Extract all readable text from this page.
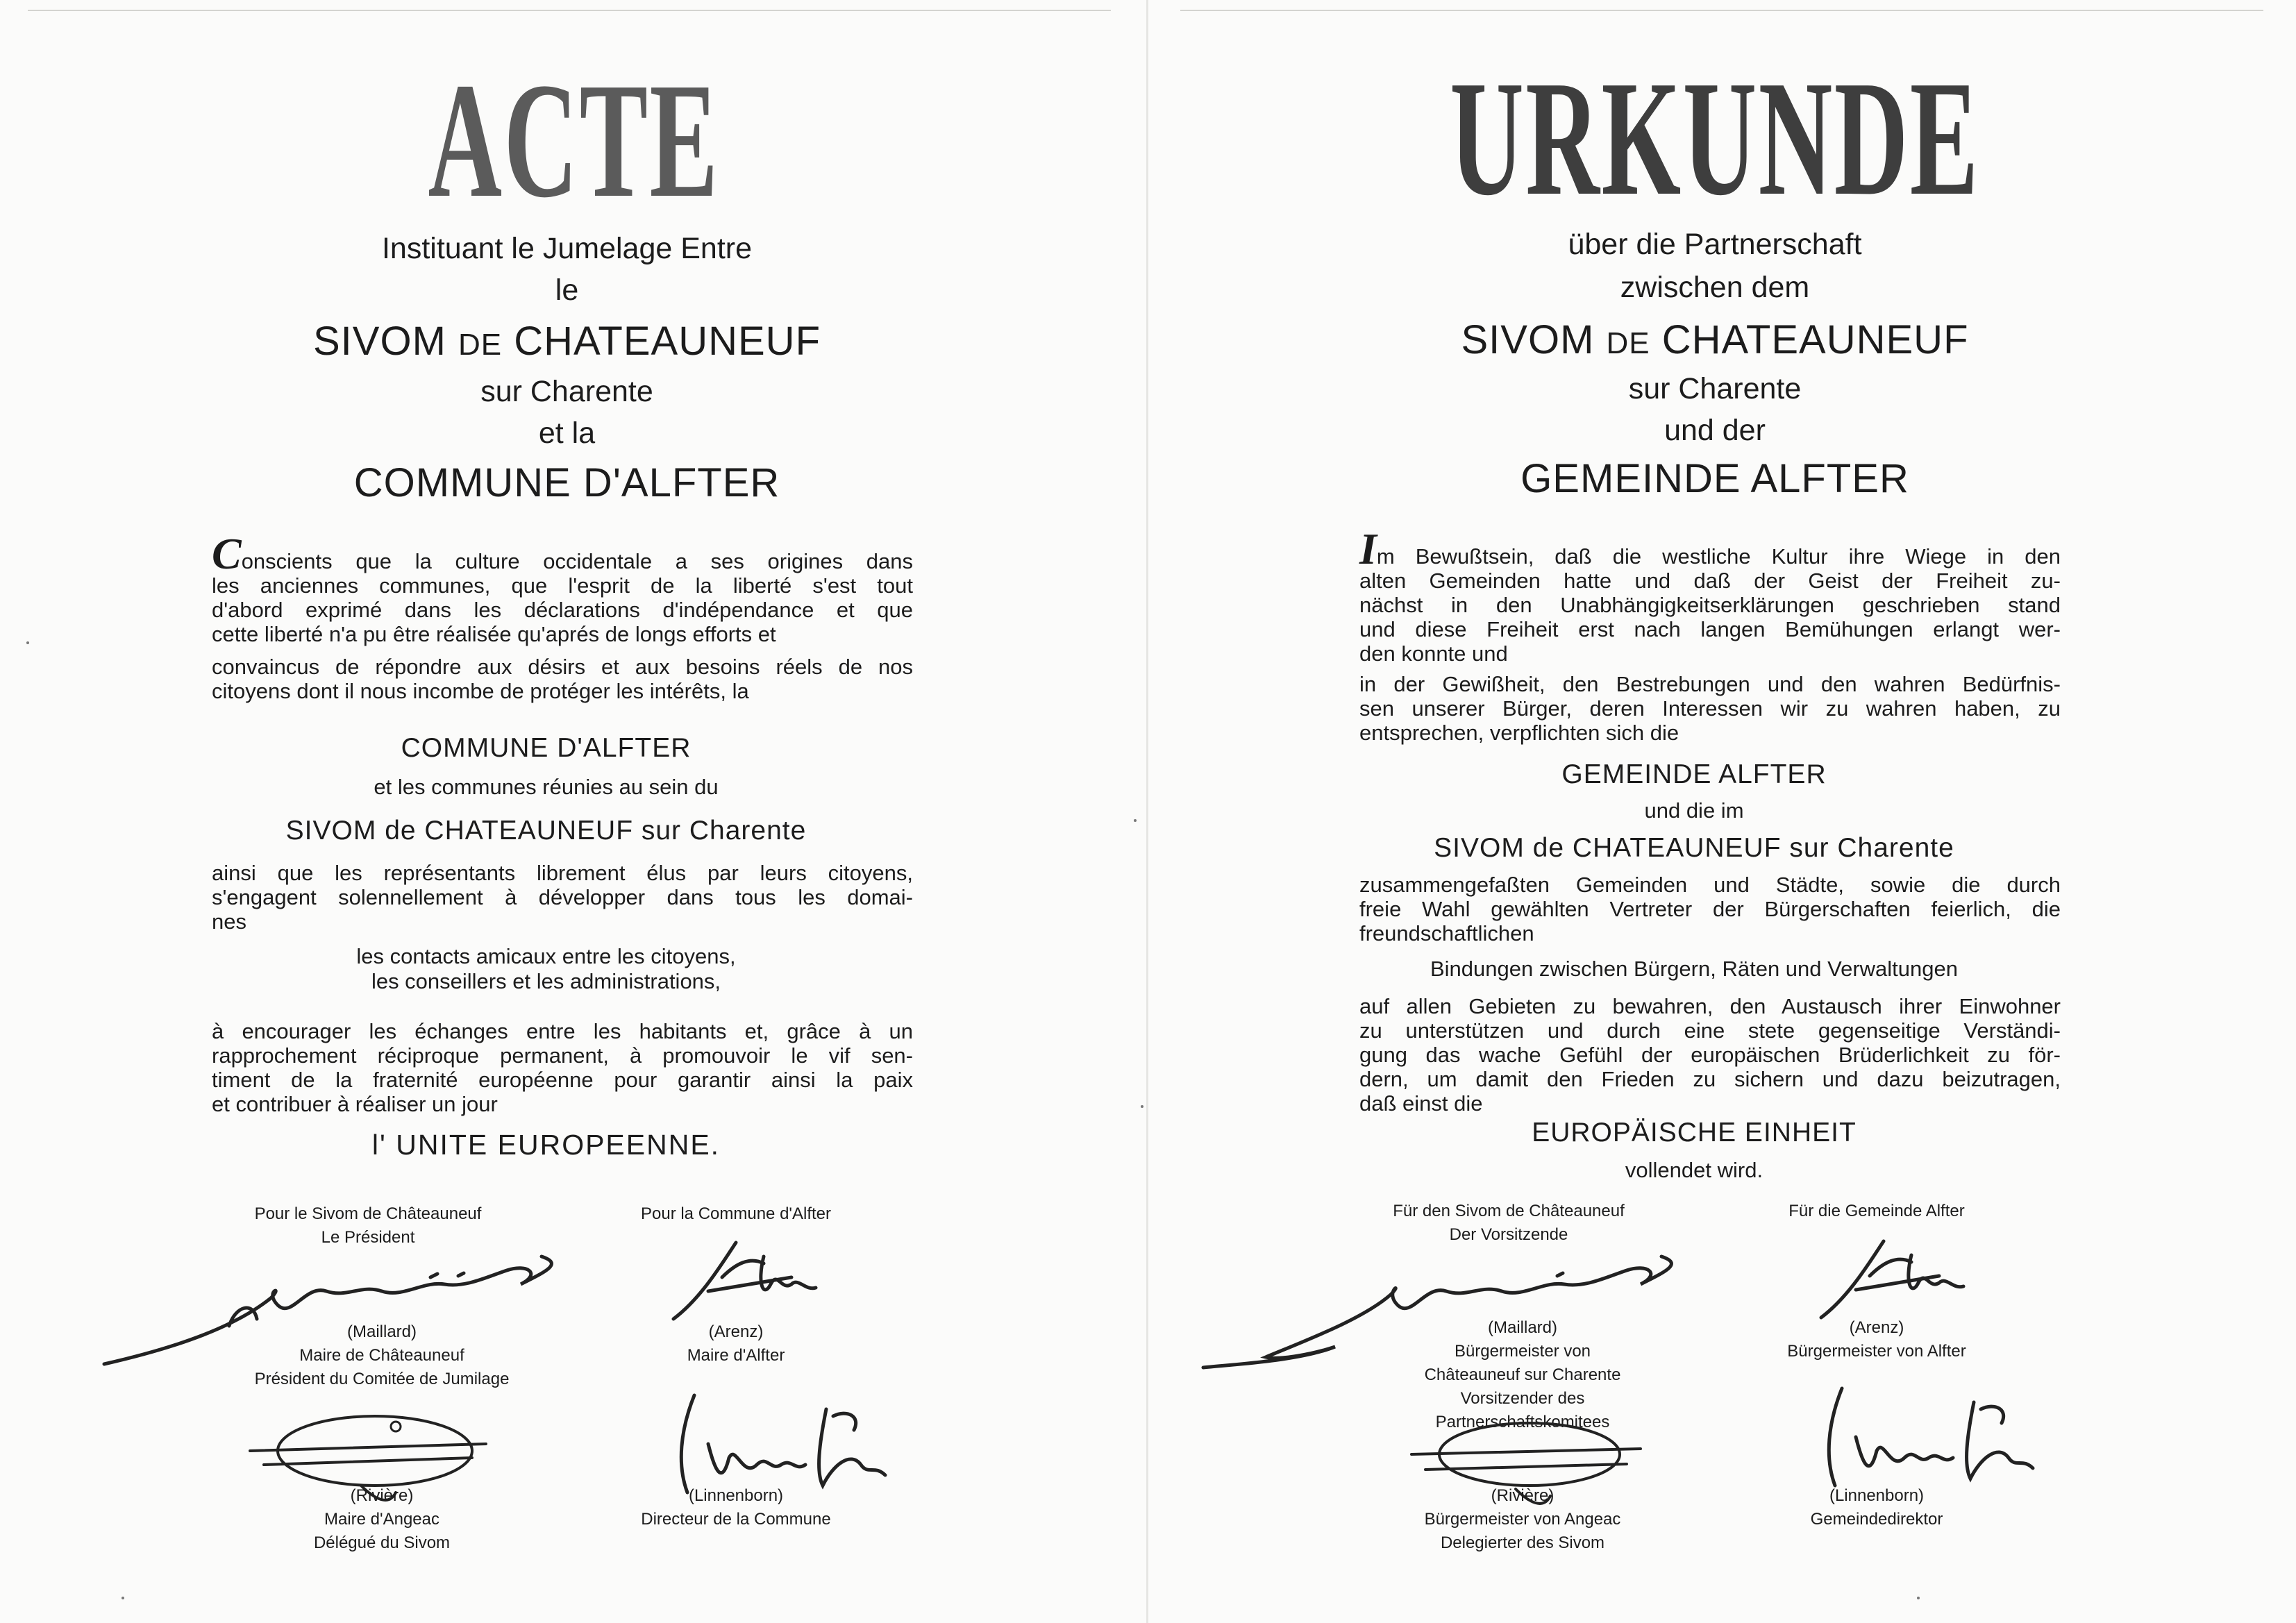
ACTE
Instituant le Jumelage Entre
le
SIVOM DE CHATEAUNEUF
sur Charente
et la
COMMUNE D'ALFTER
Conscients que la culture occidentale a ses origines dans
les anciennes communes, que l'esprit de la liberté s'est tout
d'abord exprimé dans les déclarations d'indépendance et que
cette liberté n'a pu être réalisée qu'aprés de longs efforts et
convaincus de répondre aux désirs et aux besoins réels de nos
citoyens dont il nous incombe de protéger les intérêts, la
COMMUNE D'ALFTER
et les communes réunies au sein du
SIVOM de CHATEAUNEUF sur Charente
ainsi que les représentants librement élus par leurs citoyens,
s'engagent solennellement à développer dans tous les domai-
nes
les contacts amicaux entre les citoyens,
les conseillers et les administrations,
à encourager les échanges entre les habitants et, grâce à un
rapprochement réciproque permanent, à promouvoir le vif sen-
timent de la fraternité européenne pour garantir ainsi la paix
et contribuer à réaliser un jour
l' UNITE EUROPEENNE.
Pour le Sivom de Châteauneuf
Le Président
Pour la Commune d'Alfter
(Maillard)
Maire de Châteauneuf
Président du Comitée de Jumilage
(Arenz)
Maire d'Alfter
(Rivière)
Maire d'Angeac
Délégué du Sivom
(Linnenborn)
Directeur de la Commune
URKUNDE
über die Partnerschaft
zwischen dem
SIVOM DE CHATEAUNEUF
sur Charente
und der
GEMEINDE ALFTER
Im Bewußtsein, daß die westliche Kultur ihre Wiege in den
alten Gemeinden hatte und daß der Geist der Freiheit zu-
nächst in den Unabhängigkeitserklärungen geschrieben stand
und diese Freiheit erst nach langen Bemühungen erlangt wer-
den konnte und
in der Gewißheit, den Bestrebungen und den wahren Bedürfnis-
sen unserer Bürger, deren Interessen wir zu wahren haben, zu
entsprechen, verpflichten sich die
GEMEINDE ALFTER
und die im
SIVOM de CHATEAUNEUF sur Charente
zusammengefaßten Gemeinden und Städte, sowie die durch
freie Wahl gewählten Vertreter der Bürgerschaften feierlich, die
freundschaftlichen
Bindungen zwischen Bürgern, Räten und Verwaltungen
auf allen Gebieten zu bewahren, den Austausch ihrer Einwohner
zu unterstützen und durch eine stete gegenseitige Verständi-
gung das wache Gefühl der europäischen Brüderlichkeit zu för-
dern, um damit den Frieden zu sichern und dazu beizutragen,
daß einst die
EUROPÄISCHE EINHEIT
vollendet wird.
Für den Sivom de Châteauneuf
Der Vorsitzende
Für die Gemeinde Alfter
(Maillard)
Bürgermeister von
Châteauneuf sur Charente
Vorsitzender des
Partnerschaftskomitees
(Arenz)
Bürgermeister von Alfter
(Rivière)
Bürgermeister von Angeac
Delegierter des Sivom
(Linnenborn)
Gemeindedirektor
